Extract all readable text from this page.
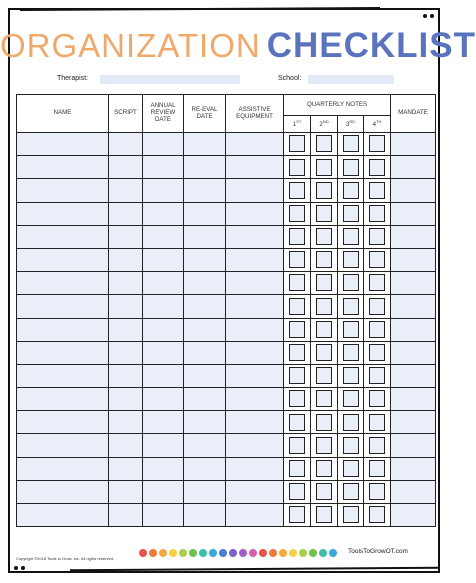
ORGANIZATION CHECKLIST
Therapist:	School:
NAME	SCRIPT	ANNUAL REVIEW DATE	RE-EVAL DATE	ASSISTIVE EQUIPMENT	QUARTERLY NOTES				MANDATE
					1ST	2ND	3RD	4TH

Copyright ©2018 Tools to Grow, Inc. All rights reserved.
ToolsToGrowOT.com
